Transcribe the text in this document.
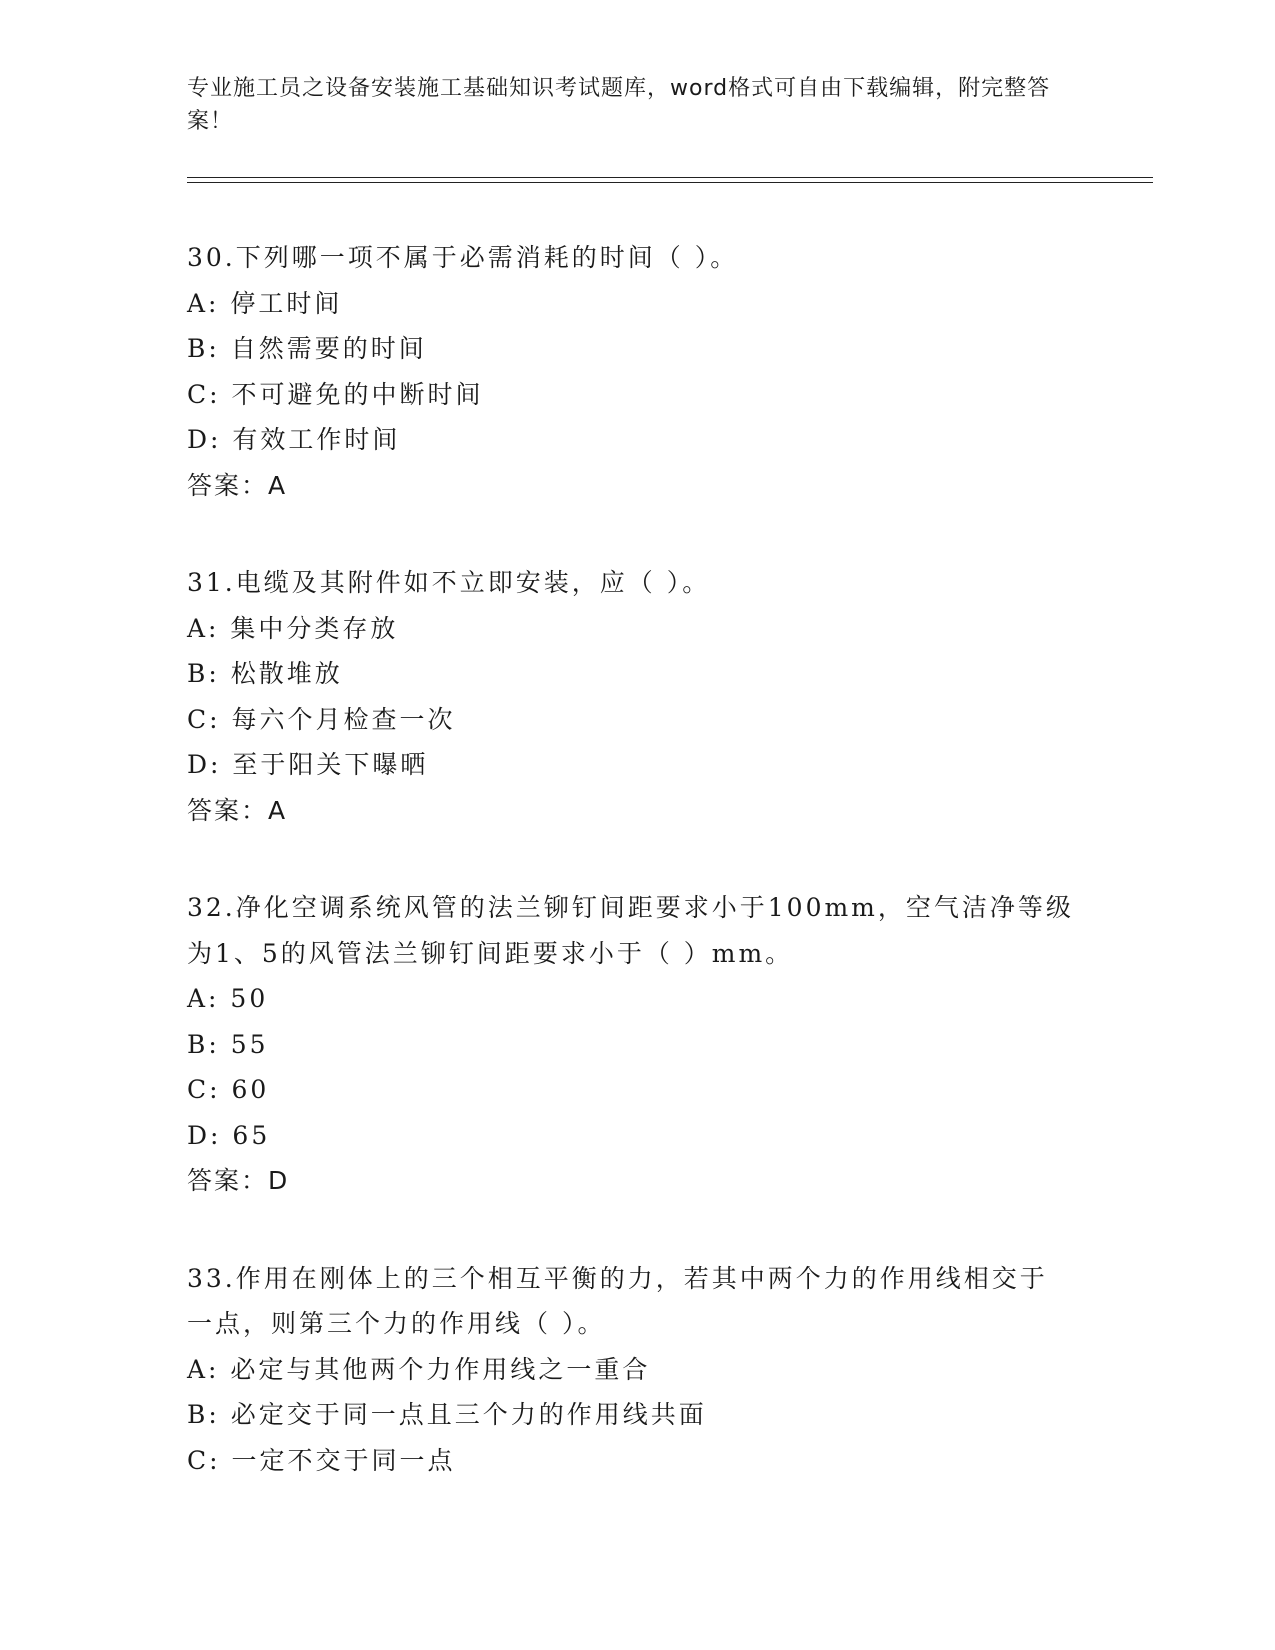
专业施工员之设备安装施工基础知识考试题库，word格式可自由下载编辑，附完整答案！
30.下列哪一项不属于必需消耗的时间（ ）。
A: 停工时间
B: 自然需要的时间
C: 不可避免的中断时间
D: 有效工作时间
答案：A
31.电缆及其附件如不立即安装，应（ ）。
A: 集中分类存放
B: 松散堆放
C: 每六个月检查一次
D: 至于阳关下曝晒
答案：A
32.净化空调系统风管的法兰铆钉间距要求小于100mm，空气洁净等级
为1、5的风管法兰铆钉间距要求小于（ ）mm。
A: 50
B: 55
C: 60
D: 65
答案：D
33.作用在刚体上的三个相互平衡的力，若其中两个力的作用线相交于
一点，则第三个力的作用线（ ）。
A: 必定与其他两个力作用线之一重合
B: 必定交于同一点且三个力的作用线共面
C: 一定不交于同一点
